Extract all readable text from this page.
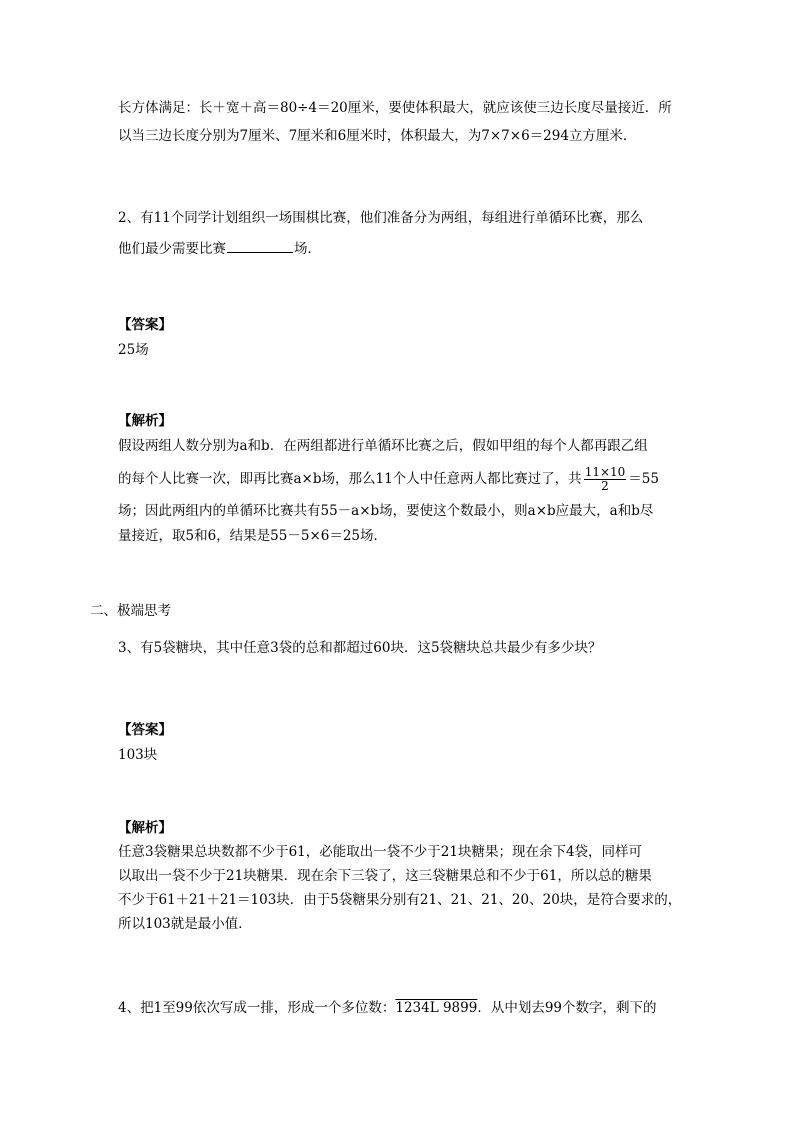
长方体满足：长＋宽＋高＝80÷4＝20厘米，要使体积最大，就应该使三边长度尽量接近．所
以当三边长度分别为7厘米、7厘米和6厘米时，体积最大，为7×7×6＝294立方厘米．
2、有11个同学计划组织一场围棋比赛，他们准备分为两组，每组进行单循环比赛，那么
他们最少需要比赛	场．
【答案】
25场
【解析】
假设两组人数分别为a和b．在两组都进行单循环比赛之后，假如甲组的每个人都再跟乙组
的每个人比赛一次，即再比赛a×b场，那么11个人中任意两人都比赛过了，共 $\frac{11\times 10}{2} =55$
场；因此两组内的单循环比赛共有55－a×b场，要使这个数最小，则a×b应最大，a和b尽
量接近，取5和6，结果是55－5×6＝25场．
二、极端思考
3、有5袋糖块，其中任意3袋的总和都超过60块．这5袋糖块总共最少有多少块？
【答案】
103块
【解析】
任意3袋糖果总块数都不少于61，必能取出一袋不少于21块糖果；现在余下4袋，同样可
以取出一袋不少于21块糖果．现在余下三袋了，这三袋糖果总和不少于61，所以总的糖果
不少于61＋21＋21＝103块．由于5袋糖果分别有21、21、21、20、20块，是符合要求的，
所以103就是最小值．
4、把1至99依次写成一排，形成一个多位数：1234L 9899．从中划去99个数字，剩下的
